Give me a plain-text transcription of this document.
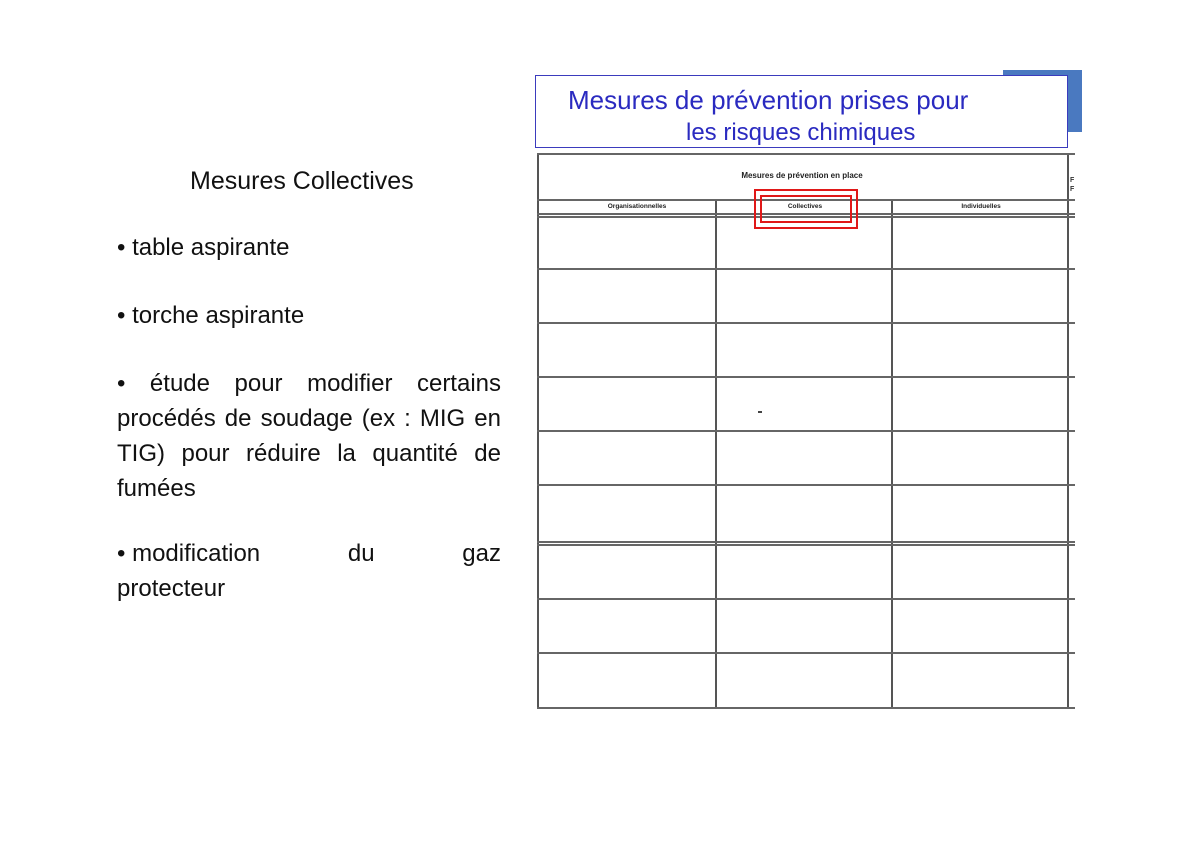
Mesures de prévention prises pour
les risques chimiques
Mesures Collectives
• table aspirante
• torche aspirante
• étude pour modifier certains procédés de soudage (ex : MIG en TIG) pour réduire la quantité de fumées
• modification	du	gaz
protecteur
Mesures de prévention en place
Organisationnelles	Collectives	Individuelles
F
F
